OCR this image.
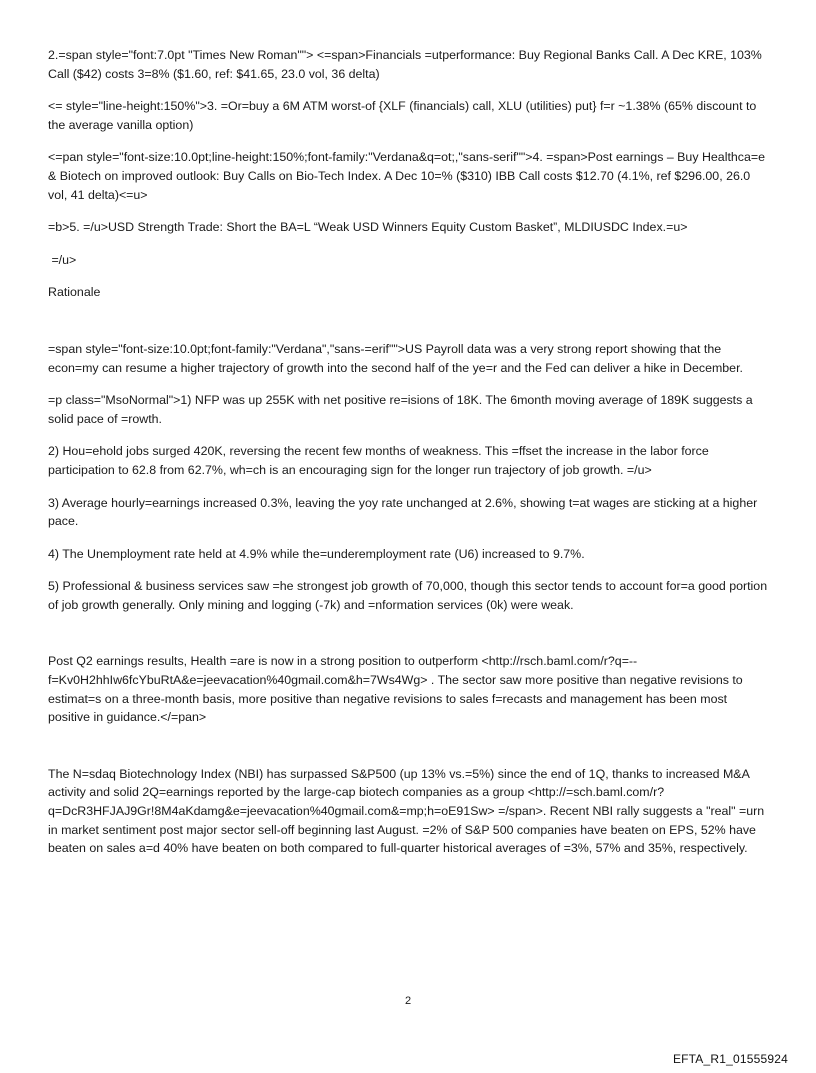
2.=span style="font:7.0pt "Times New Roman""> <=span>Financials =utperformance: Buy Regional Banks Call. A Dec KRE, 103% Call ($42) costs 3=8% ($1.60, ref: $41.65, 23.0 vol, 36 delta)

<= style="line-height:150%">3. =Or=buy a 6M ATM worst-of {XLF (financials) call, XLU (utilities) put} f=r ~1.38% (65% discount to the average vanilla option)

<=pan style="font-size:10.0pt;line-height:150%;font-family:"Verdana&q=ot;,"sans-serif"">4. =span>Post earnings – Buy Healthca=e & Biotech on improved outlook: Buy Calls on Bio-Tech Index. A Dec 10=% ($310) IBB Call costs $12.70 (4.1%, ref $296.00, 26.0 vol, 41 delta)<=u>

=b>5. =/u>USD Strength Trade: Short the BA=L “Weak USD Winners Equity Custom Basket”, MLDIUSDC Index.=u>

=/u>

Rationale

=span style="font-size:10.0pt;font-family:"Verdana","sans-=erif"">US Payroll data was a very strong report showing that the econ=my can resume a higher trajectory of growth into the second half of the ye=r and the Fed can deliver a hike in December.

=p class="MsoNormal">1) NFP was up 255K with net positive re=isions of 18K. The 6month moving average of 189K suggests a solid pace of =rowth.

2) Hou=ehold jobs surged 420K, reversing the recent few months of weakness. This =ffset the increase in the labor force participation to 62.8 from 62.7%, wh=ch is an encouraging sign for the longer run trajectory of job growth. =/u>

3) Average hourly=earnings increased 0.3%, leaving the yoy rate unchanged at 2.6%, showing t=at wages are sticking at a higher pace.

4) The Unemployment rate held at 4.9% while the=underemployment rate (U6) increased to 9.7%.

5) Professional & business services saw =he strongest job growth of 70,000, though this sector tends to account for=a good portion of job growth generally. Only mining and logging (-7k) and =nformation services (0k) were weak.

Post Q2 earnings results, Health =are is now in a strong position to outperform <http://rsch.baml.com/r?q=--f=Kv0H2hhIw6fcYbuRtA&e=jeevacation%40gmail.com&h=7Ws4Wg> . The sector saw more positive than negative revisions to estimat=s on a three-month basis, more positive than negative revisions to sales f=recasts and management has been most positive in guidance.</=pan>

The N=sdaq Biotechnology Index (NBI) has surpassed S&P500 (up 13% vs.=5%) since the end of 1Q, thanks to increased M&A activity and solid 2Q=earnings reported by the large-cap biotech companies as a group <http://=sch.baml.com/r?q=DcR3HFJAJ9Gr!8M4aKdamg&e=jeevacation%40gmail.com&=mp;h=oE91Sw> =/span>. Recent NBI rally suggests a "real" =urn in market sentiment post major sector sell-off beginning last August. =2% of S&P 500 companies have beaten on EPS, 52% have beaten on sales a=d 40% have beaten on both compared to full-quarter historical averages of =3%, 57% and 35%, respectively.

2
EFTA_R1_01555924
